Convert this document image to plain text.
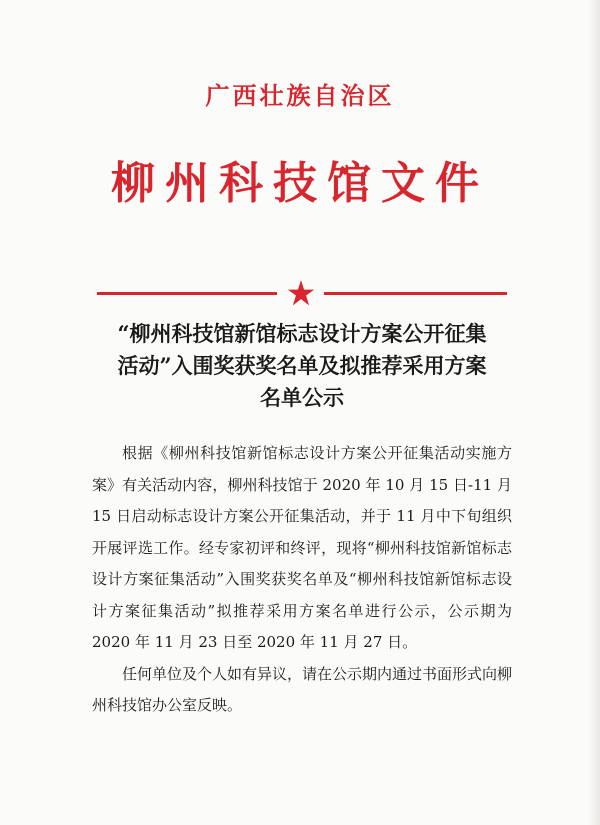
广西壮族自治区
柳州科技馆文件
“柳州科技馆新馆标志设计方案公开征集
活动”入围奖获奖名单及拟推荐采用方案
名单公示

根据《柳州科技馆新馆标志设计方案公开征集活动实施方案》有关活动内容，柳州科技馆于 2020 年 10 月 15 日-11 月 15 日启动标志设计方案公开征集活动，并于 11 月中下旬组织开展评选工作。经专家初评和终评，现将“柳州科技馆新馆标志设计方案征集活动”入围奖获奖名单及“柳州科技馆新馆标志设计方案征集活动”拟推荐采用方案名单进行公示，公示期为 2020 年 11 月 23 日至 2020 年 11 月 27 日。

任何单位及个人如有异议，请在公示期内通过书面形式向柳州科技馆办公室反映。
